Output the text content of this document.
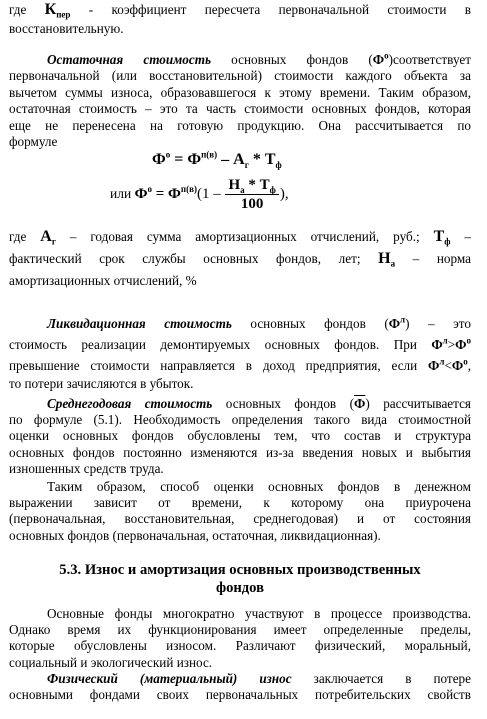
где $К_{пер}$ - коэффициент пересчета первоначальной стоимости в
восстановительную.
Остаточная стоимость основных фондов $(Ф^о)соответствует$
первоначальной (или восстановительной) стоимости каждого объекта за
вычетом суммы износа, образовавшегося к этому времени. Таким образом,
остаточная стоимость – это та часть стоимости основных фондов, которая
еще не перенесена на готовую продукцию. Она рассчитывается по
формуле
$Ф^о = Ф^{п(в)} - А_г * Т_ф$
или $Ф^о = Ф^{п(в)}(1 - \frac{Н_а * Т_ф}{100}$ ),
где $А_г$ – годовая сумма амортизационных отчислений, руб.; $Т_ф$ –
фактический срок службы основных фондов, лет; $Н_а$ – норма
амортизационных отчислений, %
Ликвидационная стоимость основных фондов $(Ф^л)$ – это
стоимость реализации демонтируемых основных фондов. При $Ф^л>Ф^о$
превышение стоимости направляется в доход предприятия, если $Ф^л<Ф^о$,
то потери зачисляются в убыток.
Среднегодовая стоимость основных фондов (Ф) рассчитывается
по формуле (5.1). Необходимость определения такого вида стоимостной
оценки основных фондов обусловлены тем, что состав и структура
основных фондов постоянно изменяются из-за введения новых и выбытия
изношенных средств труда.
Таким образом, способ оценки основных фондов в денежном
выражении зависит от времени, к которому она приурочена
(первоначальная, восстановительная, среднегодовая) и от состояния
основных фондов (первоначальная, остаточная, ликвидационная).
5.3. Износ и амортизация основных производственных
фондов
Основные фонды многократно участвуют в процессе производства.
Однако время их функционирования имеет определенные пределы,
которые обусловлены износом. Различают физический, моральный,
социальный и экологический износ.
Физический (материальный) износ заключается в потере
основными фондами своих первоначальных потребительских свойств
